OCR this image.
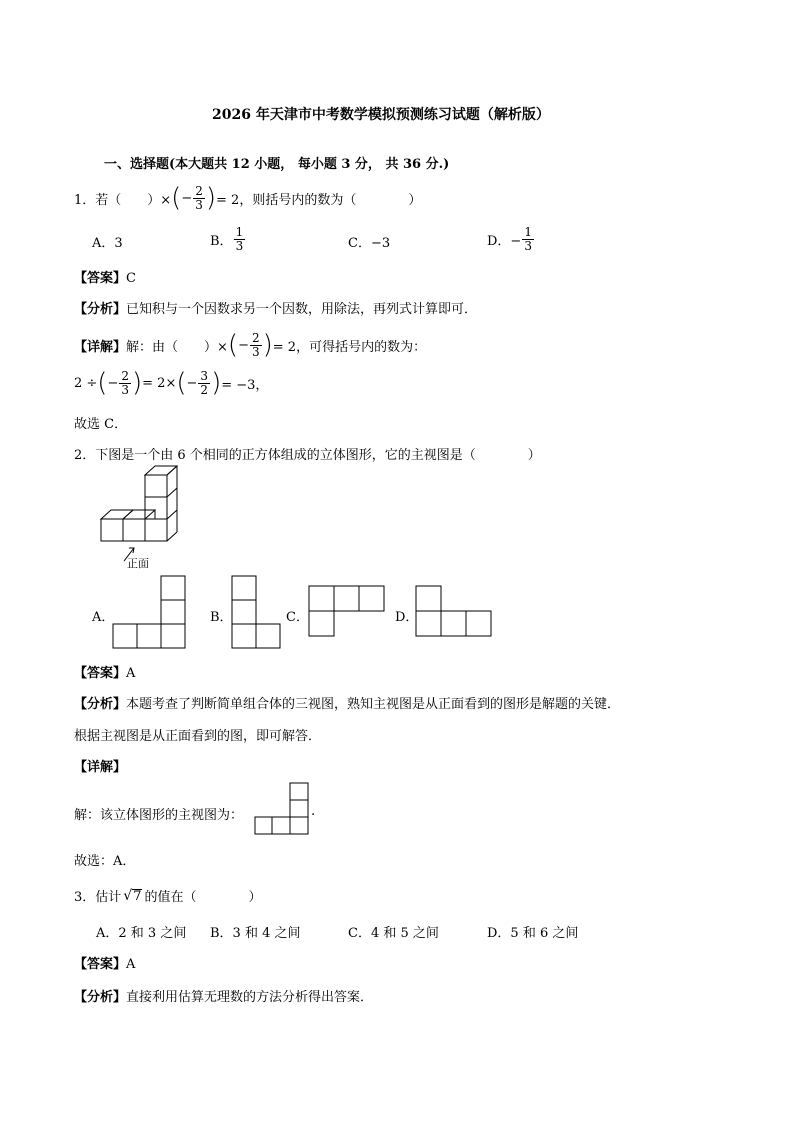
2026 年天津市中考数学模拟预测练习试题（解析版）
一、选择题(本大题共 12 小题， 每小题 3 分， 共 36 分.)
1．若（　　）× ( − $\frac{2}{3}$ ) = 2，则括号内的数为（　　　　）
A．3	B． $\frac{1}{3}$	C．−3	D．− $\frac{1}{3}$
【答案】C
【分析】已知积与一个因数求另一个因数，用除法，再列式计算即可．
【详解】 解：由（　　）× ( − $\frac{2}{3}$ ) = 2，可得括号内的数为：
2 ÷ ( − $\frac{2}{3}$ ) = 2× ( − $\frac{3}{2}$ ) = −3，
故选 C．
2．下图是一个由 6 个相同的正方体组成的立体图形，它的主视图是（　　　　）
正面
A．	B．	C．	D．
【答案】A
【分析】本题考查了判断简单组合体的三视图，熟知主视图是从正面看到的图形是解题的关键．
根据主视图是从正面看到的图，即可解答．
【详解】
解：该立体图形的主视图为：	.
故选：A．
3．估计 √ 7 的值在（　　　　）
A．2 和 3 之间 B．3 和 4 之间	C．4 和 5 之间	D．5 和 6 之间
【答案】A
【分析】直接利用估算无理数的方法分析得出答案．
